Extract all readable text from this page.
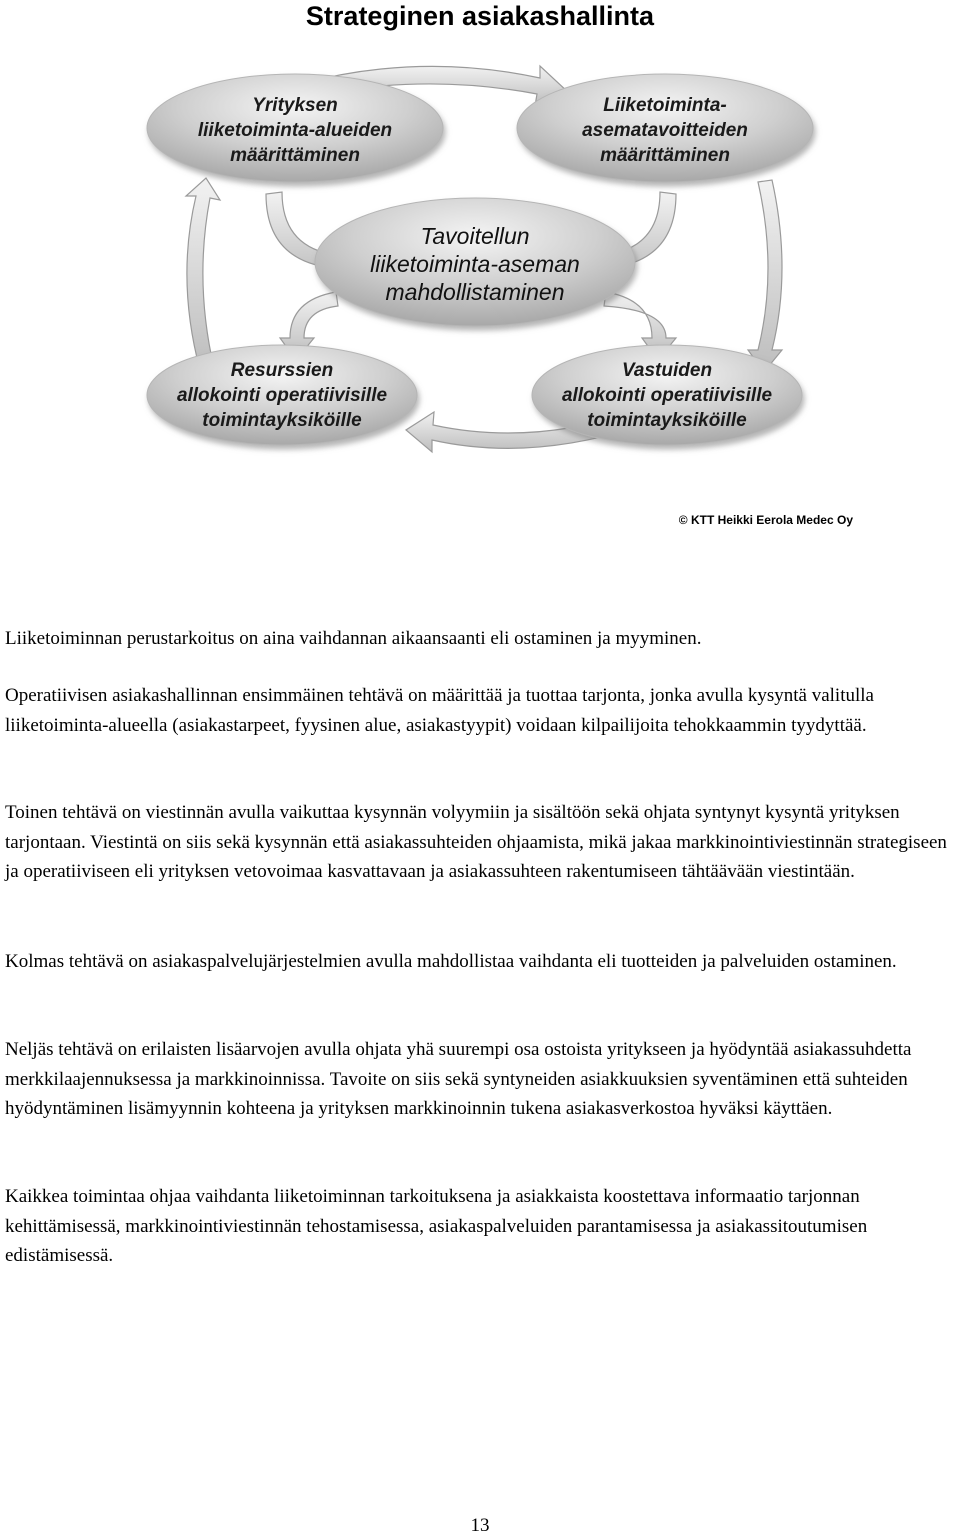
Strateginen asiakashallinta
Yrityksen
liiketoiminta-alueiden
määrittäminen
Liiketoiminta-
asematavoitteiden
määrittäminen
Tavoitellun
liiketoiminta-aseman
mahdollistaminen
Resurssien
allokointi operatiivisille
toimintayksiköille
Vastuiden
allokointi operatiivisille
toimintayksiköille
© KTT Heikki Eerola Medec Oy

Liiketoiminnan perustarkoitus on aina vaihdannan aikaansaanti eli ostaminen ja myyminen.

Operatiivisen asiakashallinnan ensimmäinen tehtävä on määrittää ja tuottaa tarjonta, jonka avulla kysyntä valitulla liiketoiminta-alueella (asiakastarpeet, fyysinen alue, asiakastyypit) voidaan kilpailijoita tehokkaammin tyydyttää.

Toinen tehtävä on viestinnän avulla vaikuttaa kysynnän volyymiin ja sisältöön sekä ohjata syntynyt kysyntä yrityksen tarjontaan. Viestintä on siis sekä kysynnän että asiakassuhteiden ohjaamista, mikä jakaa markkinointiviestinnän strategiseen ja operatiiviseen eli yrityksen vetovoimaa kasvattavaan ja asiakassuhteen rakentumiseen tähtäävään viestintään.

Kolmas tehtävä on asiakaspalvelujärjestelmien avulla mahdollistaa vaihdanta eli tuotteiden ja palveluiden ostaminen.

Neljäs tehtävä on erilaisten lisäarvojen avulla ohjata yhä suurempi osa ostoista yritykseen ja hyödyntää asiakassuhdetta merkkilaajennuksessa ja markkinoinnissa. Tavoite on siis sekä syntyneiden asiakkuuksien syventäminen että suhteiden hyödyntäminen lisämyynnin kohteena ja yrityksen markkinoinnin tukena asiakasverkostoa hyväksi käyttäen.

Kaikkea toimintaa ohjaa vaihdanta liiketoiminnan tarkoituksena ja asiakkaista koostettava informaatio tarjonnan kehittämisessä, markkinointiviestinnän tehostamisessa, asiakaspalveluiden parantamisessa ja asiakassitoutumisen edistämisessä.

13
